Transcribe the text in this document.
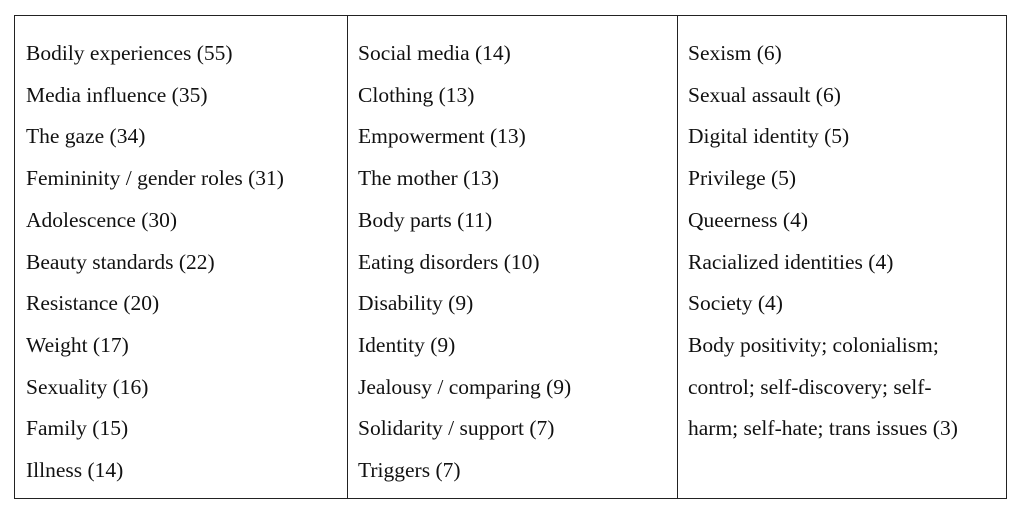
Bodily experiences (55)
Media influence (35)
The gaze (34)
Femininity / gender roles (31)
Adolescence (30)
Beauty standards (22)
Resistance (20)
Weight (17)
Sexuality (16)
Family (15)
Illness (14)
Social media (14)
Clothing (13)
Empowerment (13)
The mother (13)
Body parts (11)
Eating disorders (10)
Disability (9)
Identity (9)
Jealousy / comparing (9)
Solidarity / support (7)
Triggers (7)
Sexism (6)
Sexual assault (6)
Digital identity (5)
Privilege (5)
Queerness (4)
Racialized identities (4)
Society (4)
Body positivity; colonialism;
control; self-discovery; self-
harm; self-hate; trans issues (3)
